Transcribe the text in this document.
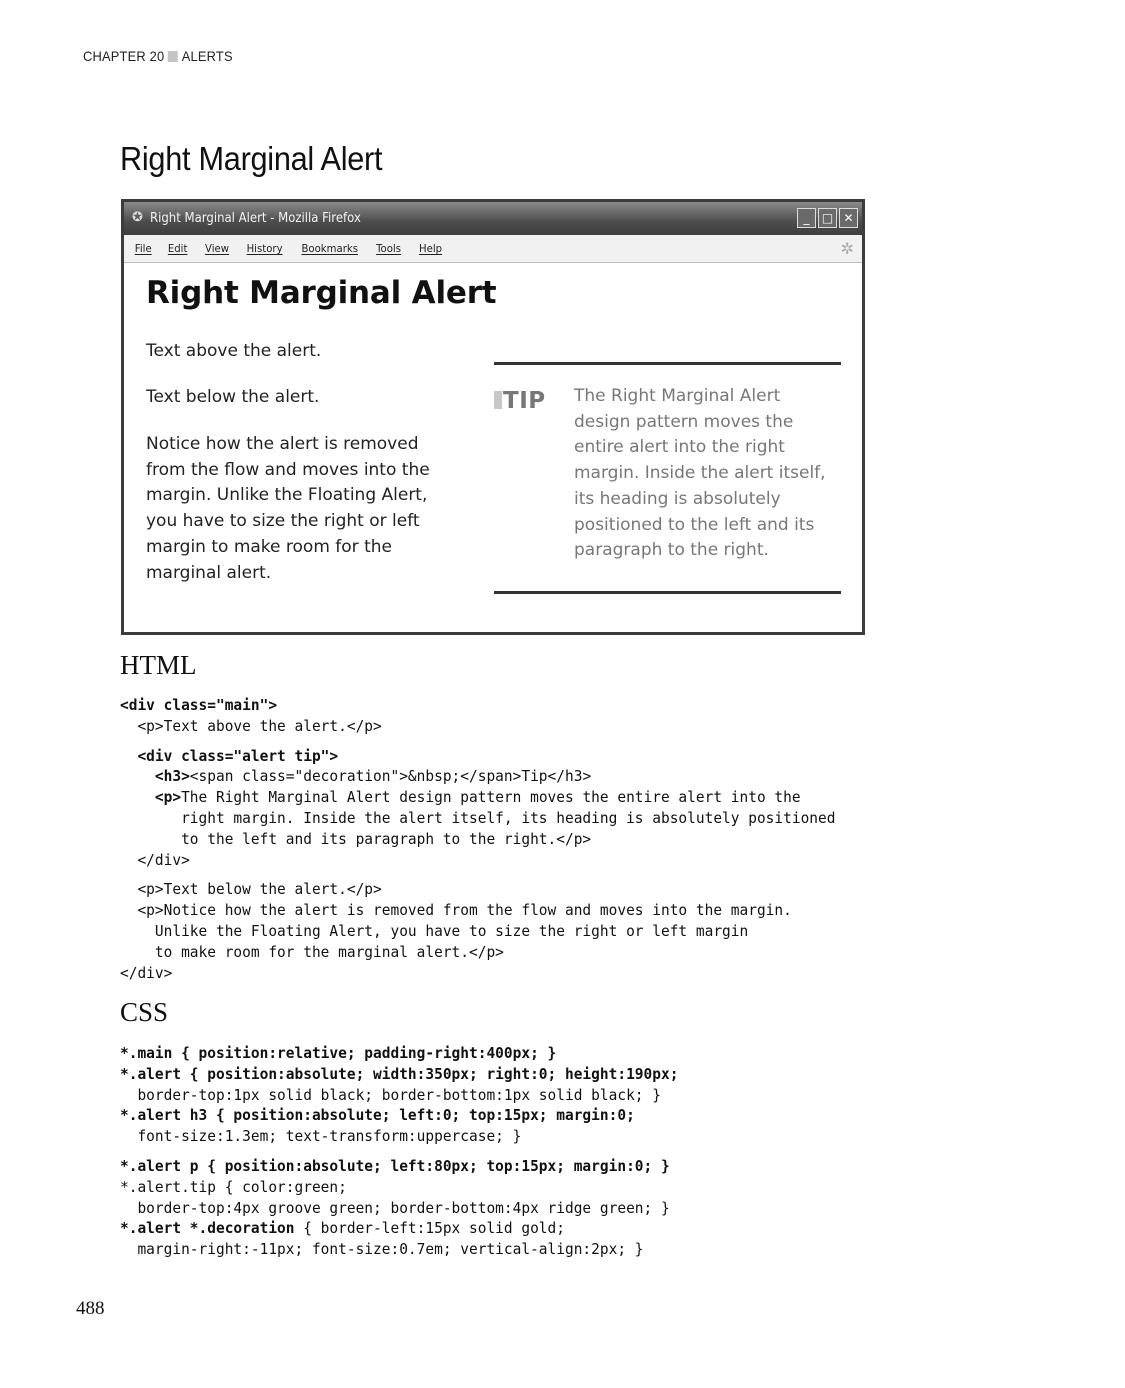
CHAPTER 20 ALERTS
Right Marginal Alert
✪ Right Marginal Alert - Mozilla Firefox	_	□ ✕
File Edit View History Bookmarks Tools Help	✲
Right Marginal Alert

Text above the alert.

Text below the alert.

Notice how the alert is removed from the flow and moves into the margin. Unlike the Floating Alert, you have to size the right or left margin to make room for the marginal alert.

TIP The Right Marginal Alert design pattern moves the entire alert into the right margin. Inside the alert itself, its heading is absolutely positioned to the left and its paragraph to the right.

HTML
<div class="main">
<p>Text above the alert.</p>
<div class="alert tip">
<h3><span class="decoration">&nbsp;</span>Tip</h3>
<p>The Right Marginal Alert design pattern moves the entire alert into the
right margin. Inside the alert itself, its heading is absolutely positioned
to the left and its paragraph to the right.</p>
</div>
<p>Text below the alert.</p>
<p>Notice how the alert is removed from the flow and moves into the margin.
Unlike the Floating Alert, you have to size the right or left margin
to make room for the marginal alert.</p>
</div>
CSS
*.main { position:relative; padding-right:400px; }
*.alert { position:absolute; width:350px; right:0; height:190px;
border-top:1px solid black; border-bottom:1px solid black; }
*.alert h3 { position:absolute; left:0; top:15px; margin:0;
font-size:1.3em; text-transform:uppercase; }
*.alert p { position:absolute; left:80px; top:15px; margin:0; }
*.alert.tip { color:green;
border-top:4px groove green; border-bottom:4px ridge green; }
*.alert *.decoration { border-left:15px solid gold;
margin-right:-11px; font-size:0.7em; vertical-align:2px; }
488
